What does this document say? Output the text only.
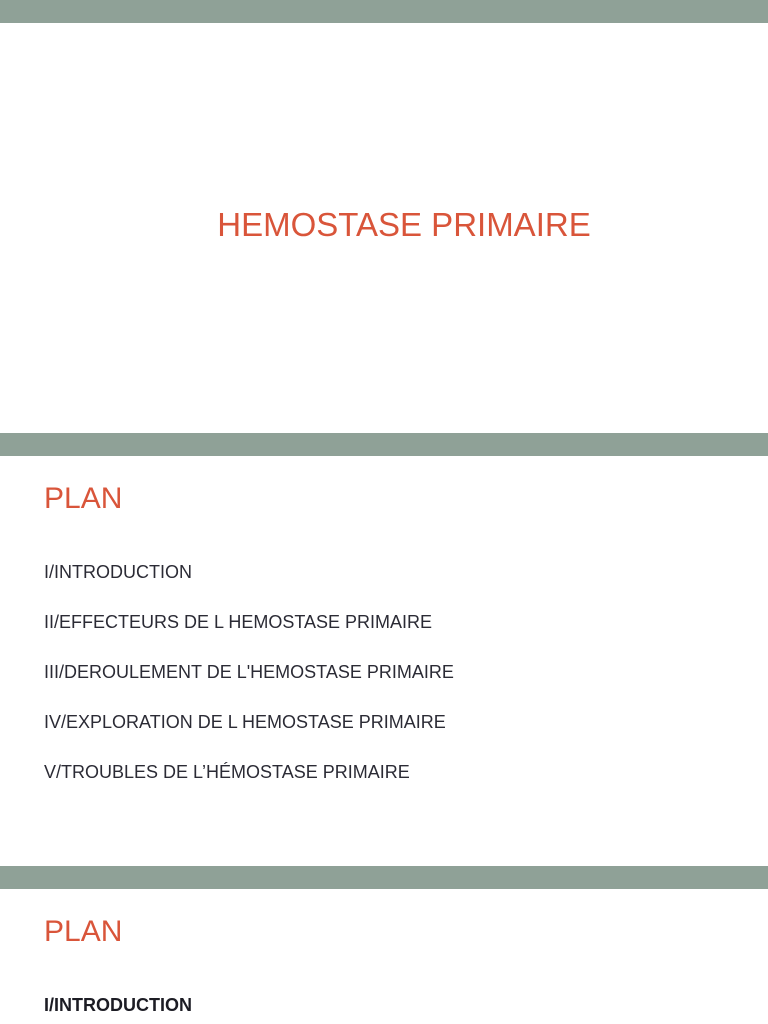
HEMOSTASE PRIMAIRE
PLAN
I/INTRODUCTION
II/EFFECTEURS DE L HEMOSTASE PRIMAIRE
III/DEROULEMENT DE L'HEMOSTASE PRIMAIRE
IV/EXPLORATION DE L HEMOSTASE PRIMAIRE
V/TROUBLES DE L’HÉMOSTASE PRIMAIRE
PLAN
I/INTRODUCTION
